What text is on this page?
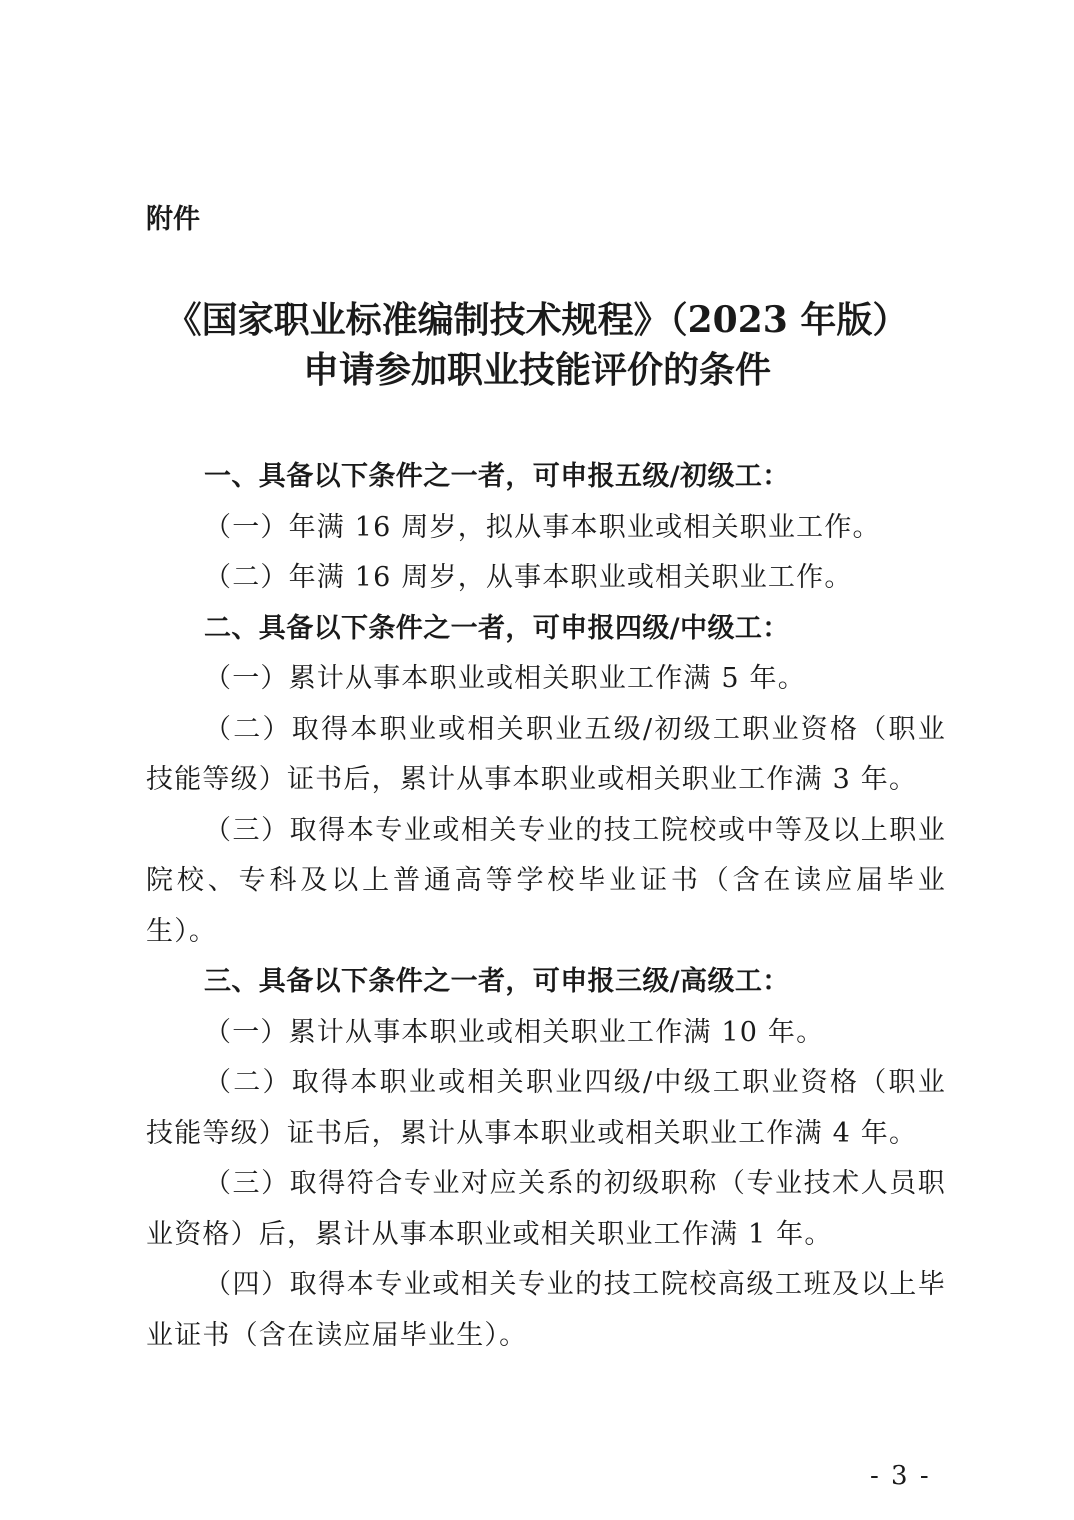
附件
《国家职业标准编制技术规程》（2023 年版）
申请参加职业技能评价的条件

一、具备以下条件之一者，可申报五级/初级工：

（一）年满 16 周岁，拟从事本职业或相关职业工作。

（二）年满 16 周岁，从事本职业或相关职业工作。

二、具备以下条件之一者，可申报四级/中级工：

（一）累计从事本职业或相关职业工作满 5 年。

（二）取得本职业或相关职业五级/初级工职业资格（职业技能等级）证书后，累计从事本职业或相关职业工作满 3 年。

（三）取得本专业或相关专业的技工院校或中等及以上职业院校、专科及以上普通高等学校毕业证书（含在读应届毕业生）。

三、具备以下条件之一者，可申报三级/高级工：

（一）累计从事本职业或相关职业工作满 10 年。

（二）取得本职业或相关职业四级/中级工职业资格（职业技能等级）证书后，累计从事本职业或相关职业工作满 4 年。

（三）取得符合专业对应关系的初级职称（专业技术人员职业资格）后，累计从事本职业或相关职业工作满 1 年。

（四）取得本专业或相关专业的技工院校高级工班及以上毕业证书（含在读应届毕业生）。

- 3 -
